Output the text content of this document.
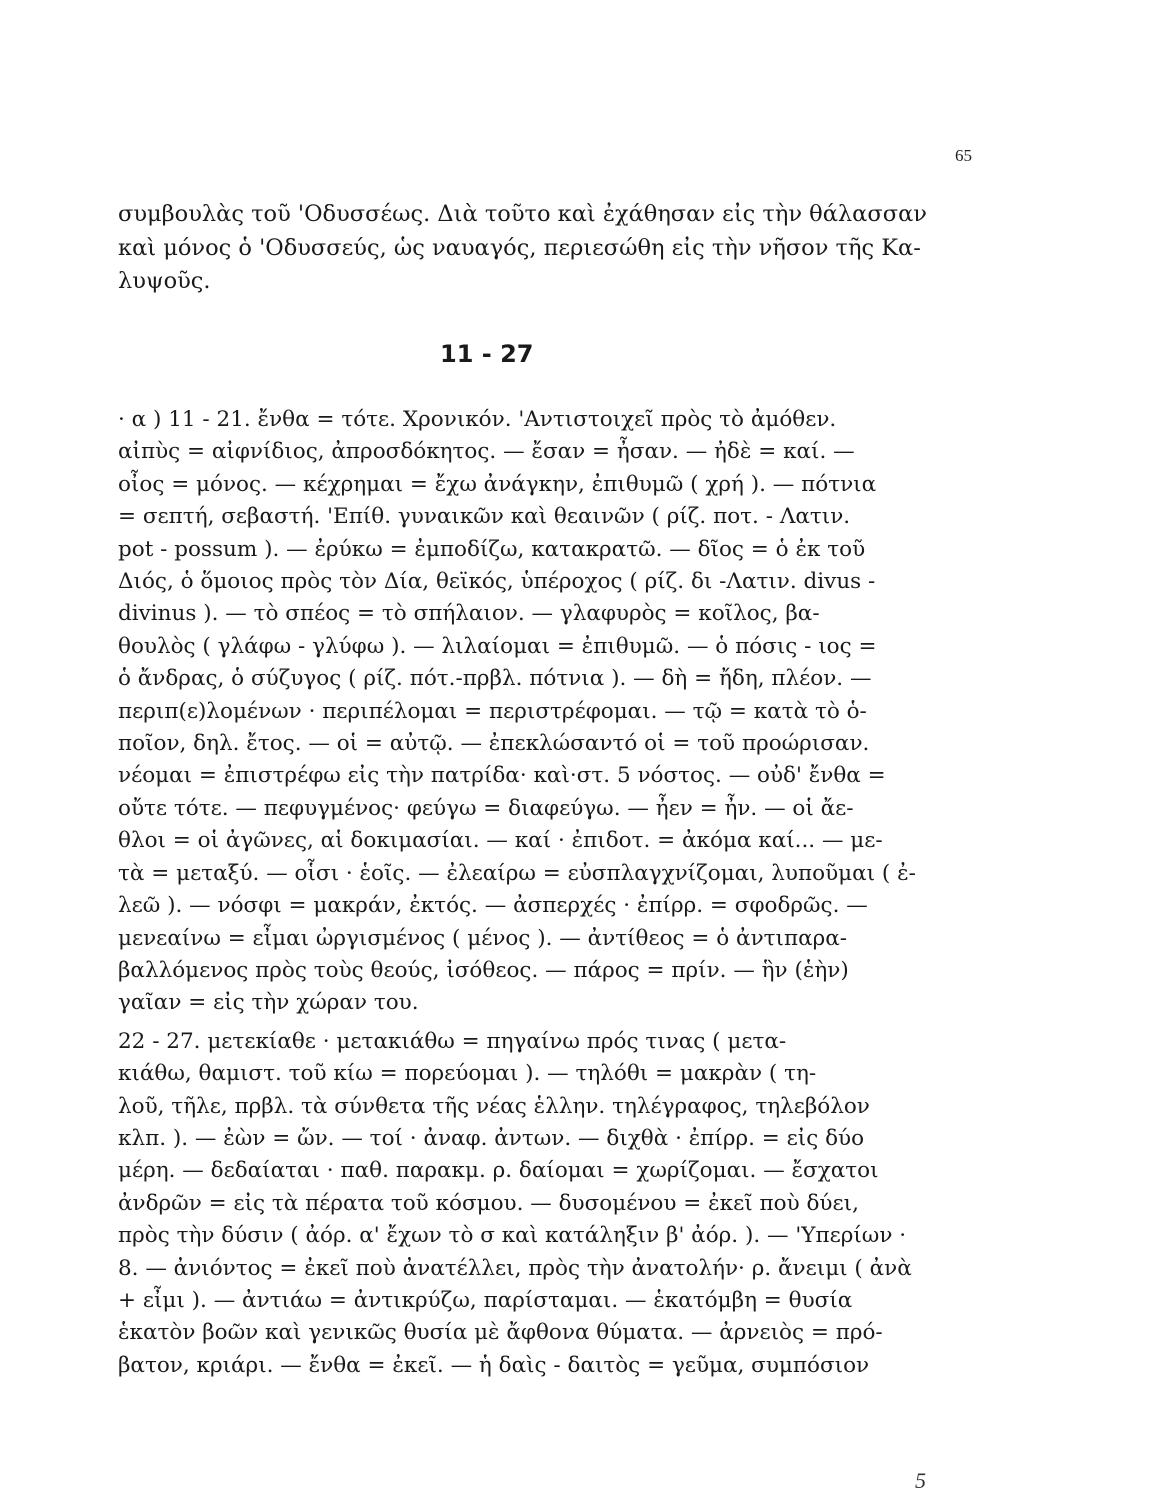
65
συμβουλὰς τοῦ 'Οδυσσέως. Διὰ τοῦτο καὶ ἐχάθησαν εἰς τὴν θάλασσαν
καὶ μόνος ὁ 'Οδυσσεύς, ὡς ναυαγός, περιεσώθη εἰς τὴν νῆσον τῆς Κα-
λυψοῦς.
11 - 27
· α ) 11 - 21. ἔνθα = τότε. Χρονικόν. 'Αντιστοιχεῖ πρὸς τὸ ἀμόθεν.
αἰπὺς = αἰφνίδιος, ἀπροσδόκητος. — ἔσαν = ἦσαν. — ἠδὲ = καί. —
οἶος = μόνος. — κέχρημαι = ἔχω ἀνάγκην, ἐπιθυμῶ ( χρή ). — πότνια
= σεπτή, σεβαστή. 'Επίθ. γυναικῶν καὶ θεαινῶν ( ρίζ. ποτ. - Λατιν.
pot - possum ). — ἐρύκω = ἐμποδίζω, κατακρατῶ. — δῖος = ὁ ἐκ τοῦ
Διός, ὁ ὅμοιος πρὸς τὸν Δία, θεϊκός, ὑπέροχος ( ρίζ. δι -Λατιν. divus -
divinus ). — τὸ σπέος = τὸ σπήλαιον. — γλαφυρὸς = κοῖλος, βα-
θουλὸς ( γλάφω - γλύφω ). — λιλαίομαι = ἐπιθυμῶ. — ὁ πόσις - ιος =
ὁ ἄνδρας, ὁ σύζυγος ( ρίζ. πότ.-πρβλ. πότνια ). — δὴ = ἤδη, πλέον. —
περιπ(ε)λομένων · περιπέλομαι = περιστρέφομαι. — τῷ = κατὰ τὸ ὁ-
ποῖον, δηλ. ἔτος. — οἱ = αὐτῷ. — ἐπεκλώσαντό οἱ = τοῦ προώρισαν.
νέομαι = ἐπιστρέφω εἰς τὴν πατρίδα· καὶ·στ. 5 νόστος. — οὐδ' ἔνθα =
οὔτε τότε. — πεφυγμένος· φεύγω = διαφεύγω. — ἦεν = ἦν. — οἱ ἄε-
θλοι = οἱ ἀγῶνες, αἱ δοκιμασίαι. — καί · ἐπιδοτ. = ἀκόμα καί... — με-
τὰ = μεταξύ. — οἷσι · ἑοῖς. — ἐλεαίρω = εὐσπλαγχνίζομαι, λυποῦμαι ( ἐ-
λεῶ ). — νόσφι = μακράν, ἐκτός. — ἀσπερχές · ἐπίρρ. = σφοδρῶς. —
μενεαίνω = εἶμαι ὠργισμένος ( μένος ). — ἀντίθεος = ὁ ἀντιπαρα-
βαλλόμενος πρὸς τοὺς θεούς, ἰσόθεος. — πάρος = πρίν. — ἣν (ἑὴν)
γαῖαν = εἰς τὴν χώραν του.
22 - 27. μετεκίαθε · μετακιάθω = πηγαίνω πρός τινας ( μετα-
κιάθω, θαμιστ. τοῦ κίω = πορεύομαι ). — τηλόθι = μακρὰν ( τη-
λοῦ, τῆλε, πρβλ. τὰ σύνθετα τῆς νέας ἑλλην. τηλέγραφος, τηλεβόλον
κλπ. ). — ἐὼν = ὤν. — τοί · ἀναφ. ἀντων. — διχθὰ · ἐπίρρ. = εἰς δύο
μέρη. — δεδαίαται · παθ. παρακμ. ρ. δαίομαι = χωρίζομαι. — ἔσχατοι
ἀνδρῶν = εἰς τὰ πέρατα τοῦ κόσμου. — δυσομένου = ἐκεῖ ποὺ δύει,
πρὸς τὴν δύσιν ( ἀόρ. α' ἔχων τὸ σ καὶ κατάληξιν β' ἀόρ. ). — 'Υπερίων ·
8. — ἀνιόντος = ἐκεῖ ποὺ ἀνατέλλει, πρὸς τὴν ἀνατολήν· ρ. ἄνειμι ( ἀνὰ
+ εἶμι ). — ἀντιάω = ἀντικρύζω, παρίσταμαι. — ἑκατόμβη = θυσία
ἑκατὸν βοῶν καὶ γενικῶς θυσία μὲ ἄφθονα θύματα. — ἀρνειὸς = πρό-
βατον, κριάρι. — ἔνθα = ἐκεῖ. — ἡ δαὶς - δαιτὸς = γεῦμα, συμπόσιον
5
